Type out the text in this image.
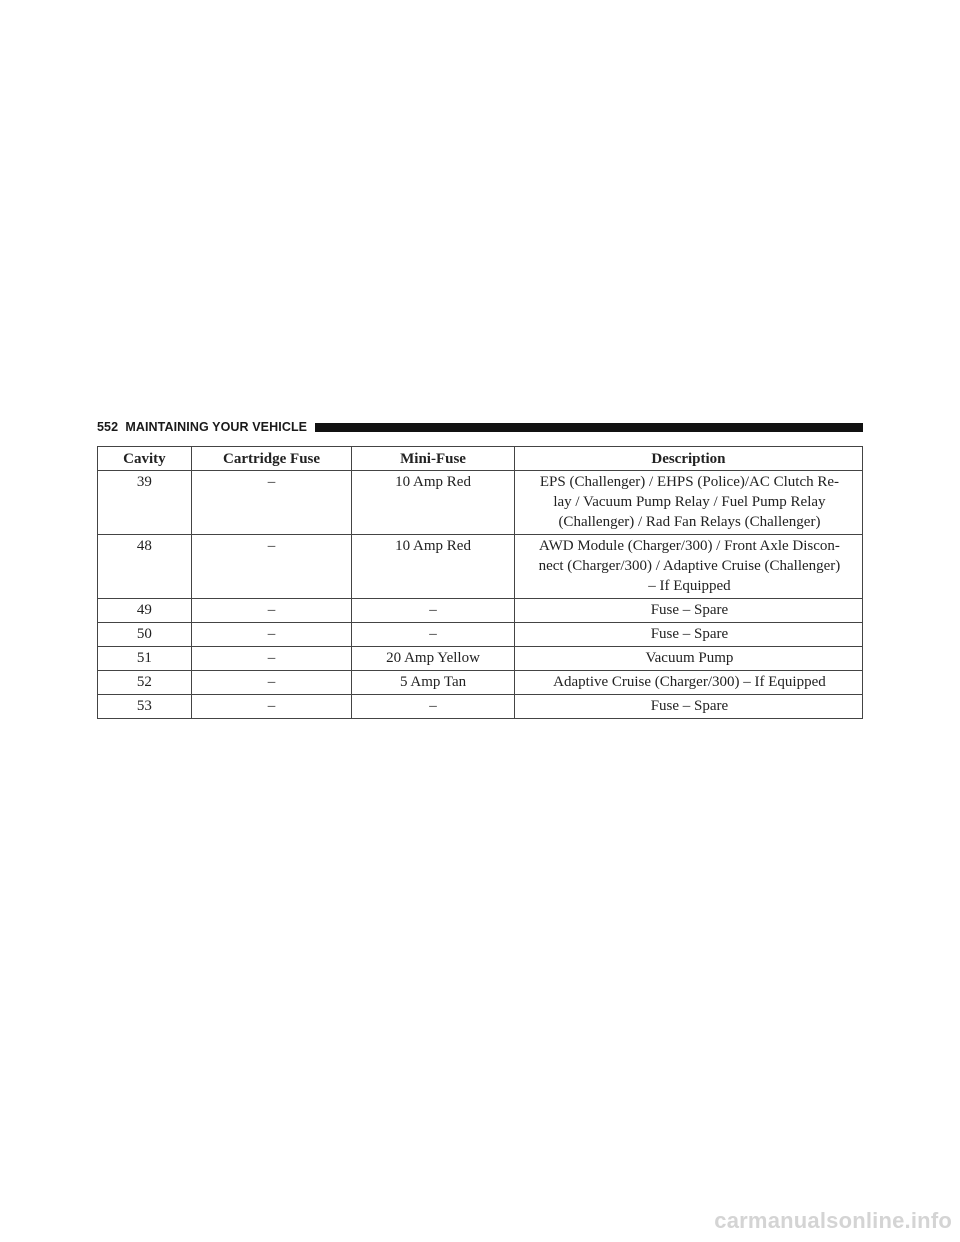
552 MAINTAINING YOUR VEHICLE
Cavity	Cartridge Fuse	Mini-Fuse	Description
39	–	10 Amp Red	EPS (Challenger) / EHPS (Police)/AC Clutch Re-
lay / Vacuum Pump Relay / Fuel Pump Relay
(Challenger) / Rad Fan Relays (Challenger)

48	–	10 Amp Red	AWD Module (Charger/300) / Front Axle Discon-
nect (Charger/300) / Adaptive Cruise (Challenger)
– If Equipped

49	–	–	Fuse – Spare

50	–	–	Fuse – Spare

51	–	20 Amp Yellow	Vacuum Pump

52	–	5 Amp Tan	Adaptive Cruise (Charger/300) – If Equipped

53	–	–	Fuse – Spare
carmanualsonline.info
